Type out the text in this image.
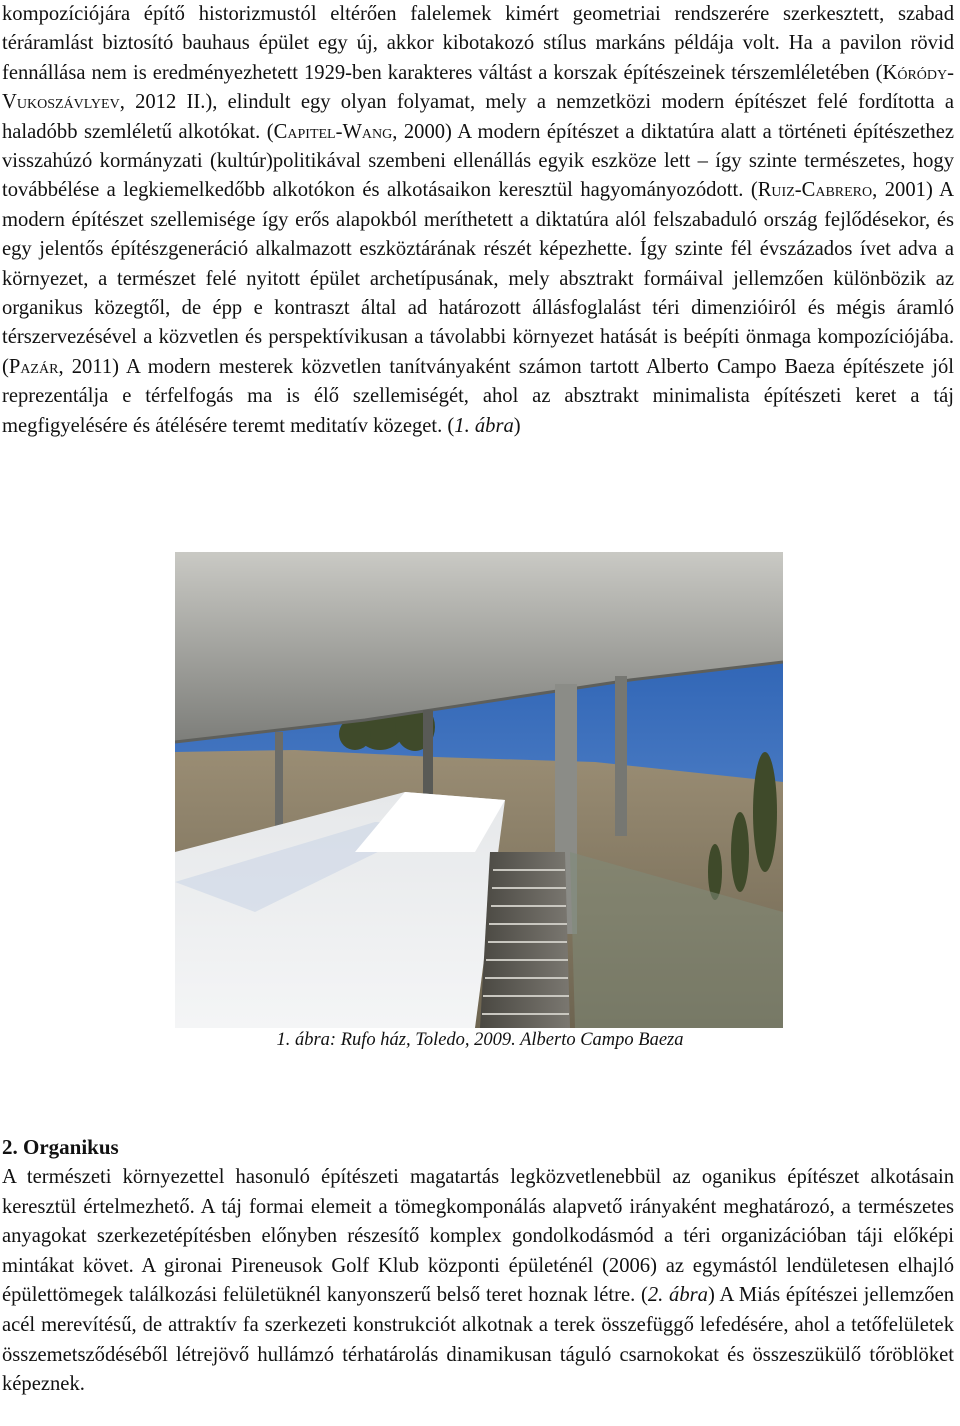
kompozíciójára építő historizmustól eltérően falelemek kimért geometriai rendszerére szerkesztett, szabad téráramlást biztosító bauhaus épület egy új, akkor kibotakozó stílus markáns példája volt. Ha a pavilon rövid fennállása nem is eredményezhetett 1929-ben karakteres váltást a korszak építészeinek térszemléletében (Kóródy-Vukoszávlyev, 2012 II.), elindult egy olyan folyamat, mely a nemzetközi modern építészet felé fordította a haladóbb szemléletű alkotókat. (Capitel-Wang, 2000) A modern építészet a diktatúra alatt a történeti építészethez visszahúzó kormányzati (kultúr)politikával szembeni ellenállás egyik eszköze lett – így szinte természetes, hogy továbbélése a legkiemelkedőbb alkotókon és alkotásaikon keresztül hagyományozódott. (Ruiz-Cabrero, 2001) A modern építészet szellemisége így erős alapokból meríthetett a diktatúra alól felszabaduló ország fejlődésekor, és egy jelentős építészgeneráció alkalmazott eszköztárának részét képezhette. Így szinte fél évszázados ívet adva a környezet, a természet felé nyitott épület archetípusának, mely absztrakt formáival jellemzően különbözik az organikus közegtől, de épp e kontraszt által ad határozott állásfoglalást téri dimenzióiról és mégis áramló térszervezésével a közvetlen és perspektívikusan a távolabbi környezet hatását is beépíti önmaga kompozíciójába. (Pazár, 2011) A modern mesterek közvetlen tanítványaként számon tartott Alberto Campo Baeza építészete jól reprezentálja e térfelfogás ma is élő szellemiségét, ahol az absztrakt minimalista építészeti keret a táj megfigyelésére és átélésére teremt meditatív közeget. (1. ábra)

1. ábra: Rufo ház, Toledo, 2009. Alberto Campo Baeza
2. Organikus

A természeti környezettel hasonuló építészeti magatartás legközvetlenebbül az oganikus építészet alkotásain keresztül értelmezhető. A táj formai elemeit a tömegkomponálás alapvető irányaként meghatározó, a természetes anyagokat szerkezetépítésben előnyben részesítő komplex gondolkodásmód a téri organizációban táji előképi mintákat követ. A gironai Pireneusok Golf Klub központi épületénél (2006) az egymástól lendületesen elhajló épülettömegek találkozási felületüknél kanyonszerű belső teret hoznak létre. (2. ábra) A Miás építészei jellemzően acél merevítésű, de attraktív fa szerkezeti konstrukciót alkotnak a terek összefüggő lefedésére, ahol a tetőfelületek összemetsződéséből létrejövő hullámzó térhatárolás dinamikusan táguló csarnokokat és összeszükülő tőröblöket képeznek.
